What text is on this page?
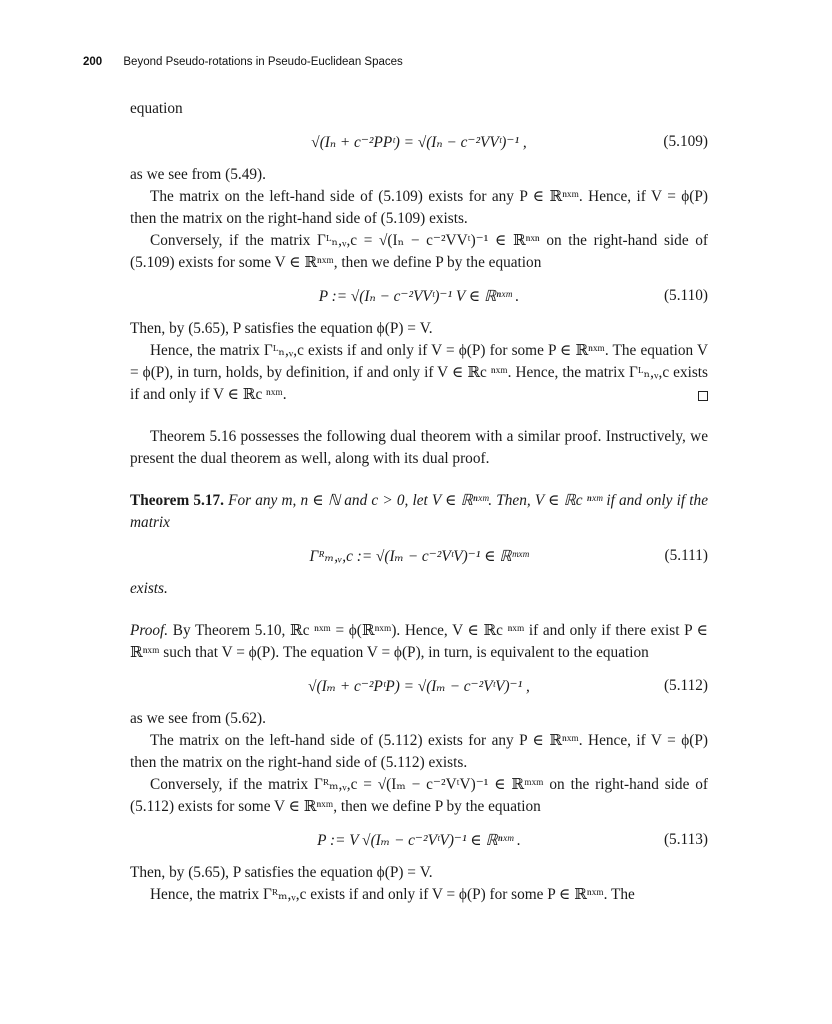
200 Beyond Pseudo-rotations in Pseudo-Euclidean Spaces

equation

√(Iₙ + c⁻²PPᵗ) = √(Iₙ − c⁻²VVᵗ)⁻¹ ,	(5.109)

as we see from (5.49).

The matrix on the left-hand side of (5.109) exists for any P ∈ ℝⁿˣᵐ. Hence, if V = ϕ(P) then the matrix on the right-hand side of (5.109) exists.

Conversely, if the matrix Γᴸₙ,ᵥ,c = √(Iₙ − c⁻²VVᵗ)⁻¹ ∈ ℝⁿˣⁿ on the right-hand side of (5.109) exists for some V ∈ ℝⁿˣᵐ, then we define P by the equation

P := √(Iₙ − c⁻²VVᵗ)⁻¹ V ∈ ℝⁿˣᵐ .	(5.110)

Then, by (5.65), P satisfies the equation ϕ(P) = V.

Hence, the matrix Γᴸₙ,ᵥ,c exists if and only if V = ϕ(P) for some P ∈ ℝⁿˣᵐ. The equation V = ϕ(P), in turn, holds, by definition, if and only if V ∈ ℝc ⁿˣᵐ. Hence, the matrix Γᴸₙ,ᵥ,c exists if and only if V ∈ ℝc ⁿˣᵐ.

Theorem 5.16 possesses the following dual theorem with a similar proof. Instructively, we present the dual theorem as well, along with its dual proof.

Theorem 5.17. For any m, n ∈ ℕ and c > 0, let V ∈ ℝⁿˣᵐ. Then, V ∈ ℝc ⁿˣᵐ if and only if the matrix

Γᴿₘ,ᵥ,c := √(Iₘ − c⁻²VᵗV)⁻¹ ∈ ℝᵐˣᵐ	(5.111)

exists.

Proof. By Theorem 5.10, ℝc ⁿˣᵐ = ϕ(ℝⁿˣᵐ). Hence, V ∈ ℝc ⁿˣᵐ if and only if there exist P ∈ ℝⁿˣᵐ such that V = ϕ(P). The equation V = ϕ(P), in turn, is equivalent to the equation

√(Iₘ + c⁻²PᵗP) = √(Iₘ − c⁻²VᵗV)⁻¹ ,	(5.112)

as we see from (5.62).

The matrix on the left-hand side of (5.112) exists for any P ∈ ℝⁿˣᵐ. Hence, if V = ϕ(P) then the matrix on the right-hand side of (5.112) exists.

Conversely, if the matrix Γᴿₘ,ᵥ,c = √(Iₘ − c⁻²VᵗV)⁻¹ ∈ ℝᵐˣᵐ on the right-hand side of (5.112) exists for some V ∈ ℝⁿˣᵐ, then we define P by the equation

P := V √(Iₘ − c⁻²VᵗV)⁻¹ ∈ ℝⁿˣᵐ .	(5.113)

Then, by (5.65), P satisfies the equation ϕ(P) = V.

Hence, the matrix Γᴿₘ,ᵥ,c exists if and only if V = ϕ(P) for some P ∈ ℝⁿˣᵐ. The
